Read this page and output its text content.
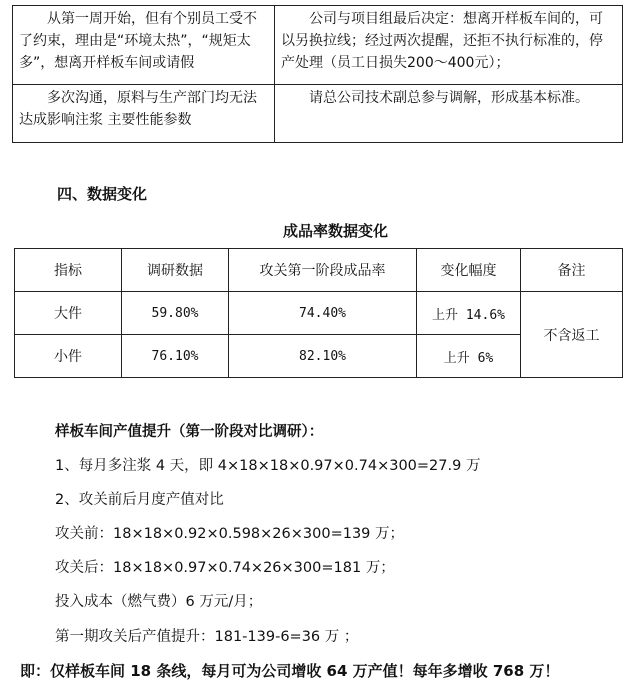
从第一周开始，但有个别员工受不了约束，理由是“环境太热”，“规矩太多”，想离开样板车间或请假	公司与项目组最后决定：想离开样板车间的，可以另换拉线；经过两次提醒，还拒不执行标准的，停产处理（员工日损失200～400元）；

多次沟通，原料与生产部门均无法达成影响注浆 主要性能参数	请总公司技术副总参与调解，形成基本标准。
四、数据变化
成品率数据变化
指标	调研数据	攻关第一阶段成品率	变化幅度	备注
大件	59.80%	74.40%	上升 14.6%	不含返工
小件	76.10%	82.10%	上升 6%	
样板车间产值提升（第一阶段对比调研）：
1、每月多注浆 4 天，即 4×18×18×0.97×0.74×300=27.9 万
2、攻关前后月度产值对比
攻关前：18×18×0.92×0.598×26×300=139 万；
攻关后：18×18×0.97×0.74×26×300=181 万；
投入成本（燃气费）6 万元/月；
第一期攻关后产值提升：181-139-6=36 万 ；
即：仅样板车间 18 条线，每月可为公司增收 64 万产值！每年多增收 768 万！
